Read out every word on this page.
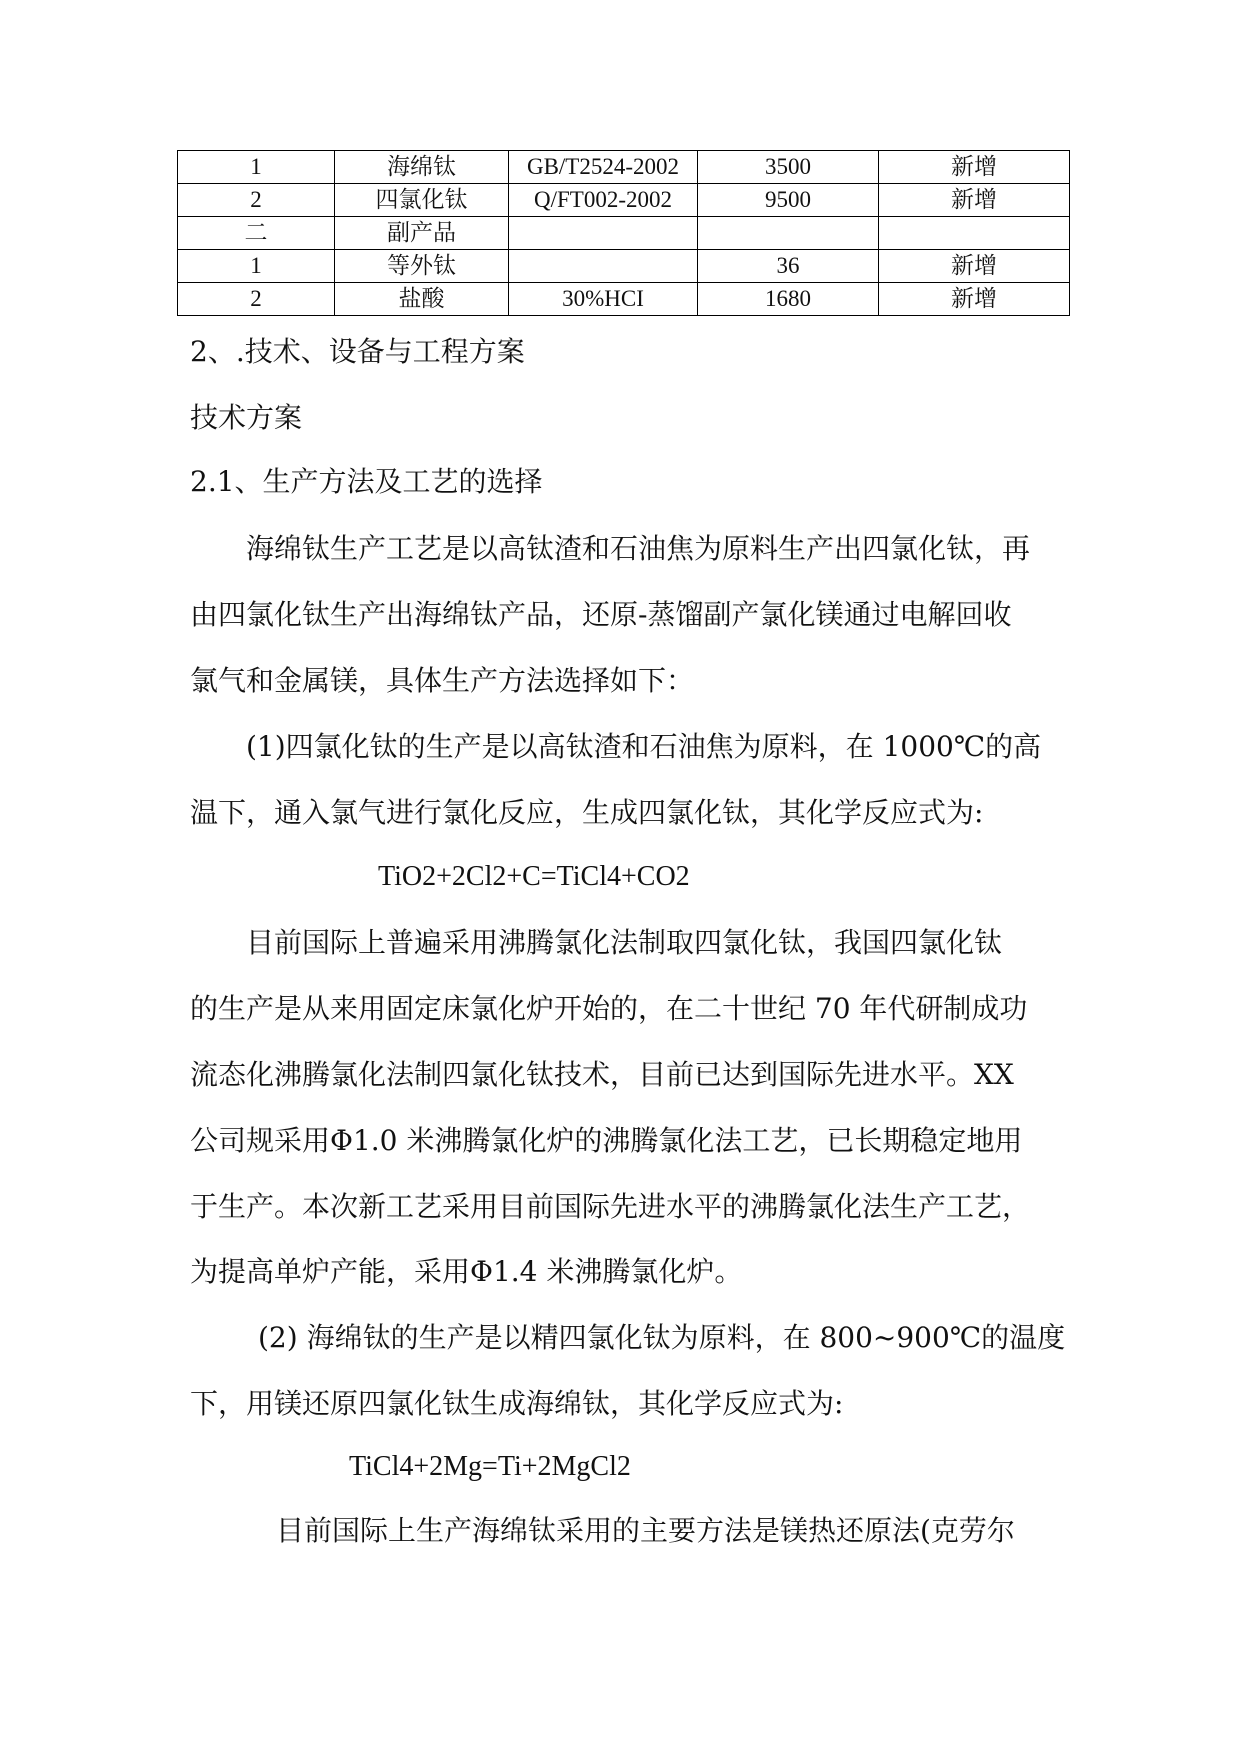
1	海绵钛	GB/T2524-2002	3500	新增
2	四氯化钛	Q/FT002-2002	9500	新增
二	副产品			
1	等外钛		36	新增
2	盐酸	30%HCI	1680	新增
2、.技术、设备与工程方案
技术方案
2.1、生产方法及工艺的选择
海绵钛生产工艺是以高钛渣和石油焦为原料生产出四氯化钛，再
由四氯化钛生产出海绵钛产品，还原-蒸馏副产氯化镁通过电解回收
氯气和金属镁，具体生产方法选择如下：
(1)四氯化钛的生产是以高钛渣和石油焦为原料，在 1000℃的高
温下，通入氯气进行氯化反应，生成四氯化钛，其化学反应式为:
TiO2+2Cl2+C=TiCl4+CO2
目前国际上普遍采用沸腾氯化法制取四氯化钛，我国四氯化钛
的生产是从来用固定床氯化炉开始的，在二十世纪 70 年代研制成功
流态化沸腾氯化法制四氯化钛技术，目前已达到国际先进水平。XX
公司规采用Φ1.0 米沸腾氯化炉的沸腾氯化法工艺，已长期稳定地用
于生产。本次新工艺采用目前国际先进水平的沸腾氯化法生产工艺，
为提高单炉产能，采用Φ1.4 米沸腾氯化炉。
(2) 海绵钛的生产是以精四氯化钛为原料，在 800~900℃的温度
下，用镁还原四氯化钛生成海绵钛，其化学反应式为:
TiCl4+2Mg=Ti+2MgCl2
目前国际上生产海绵钛采用的主要方法是镁热还原法(克劳尔
